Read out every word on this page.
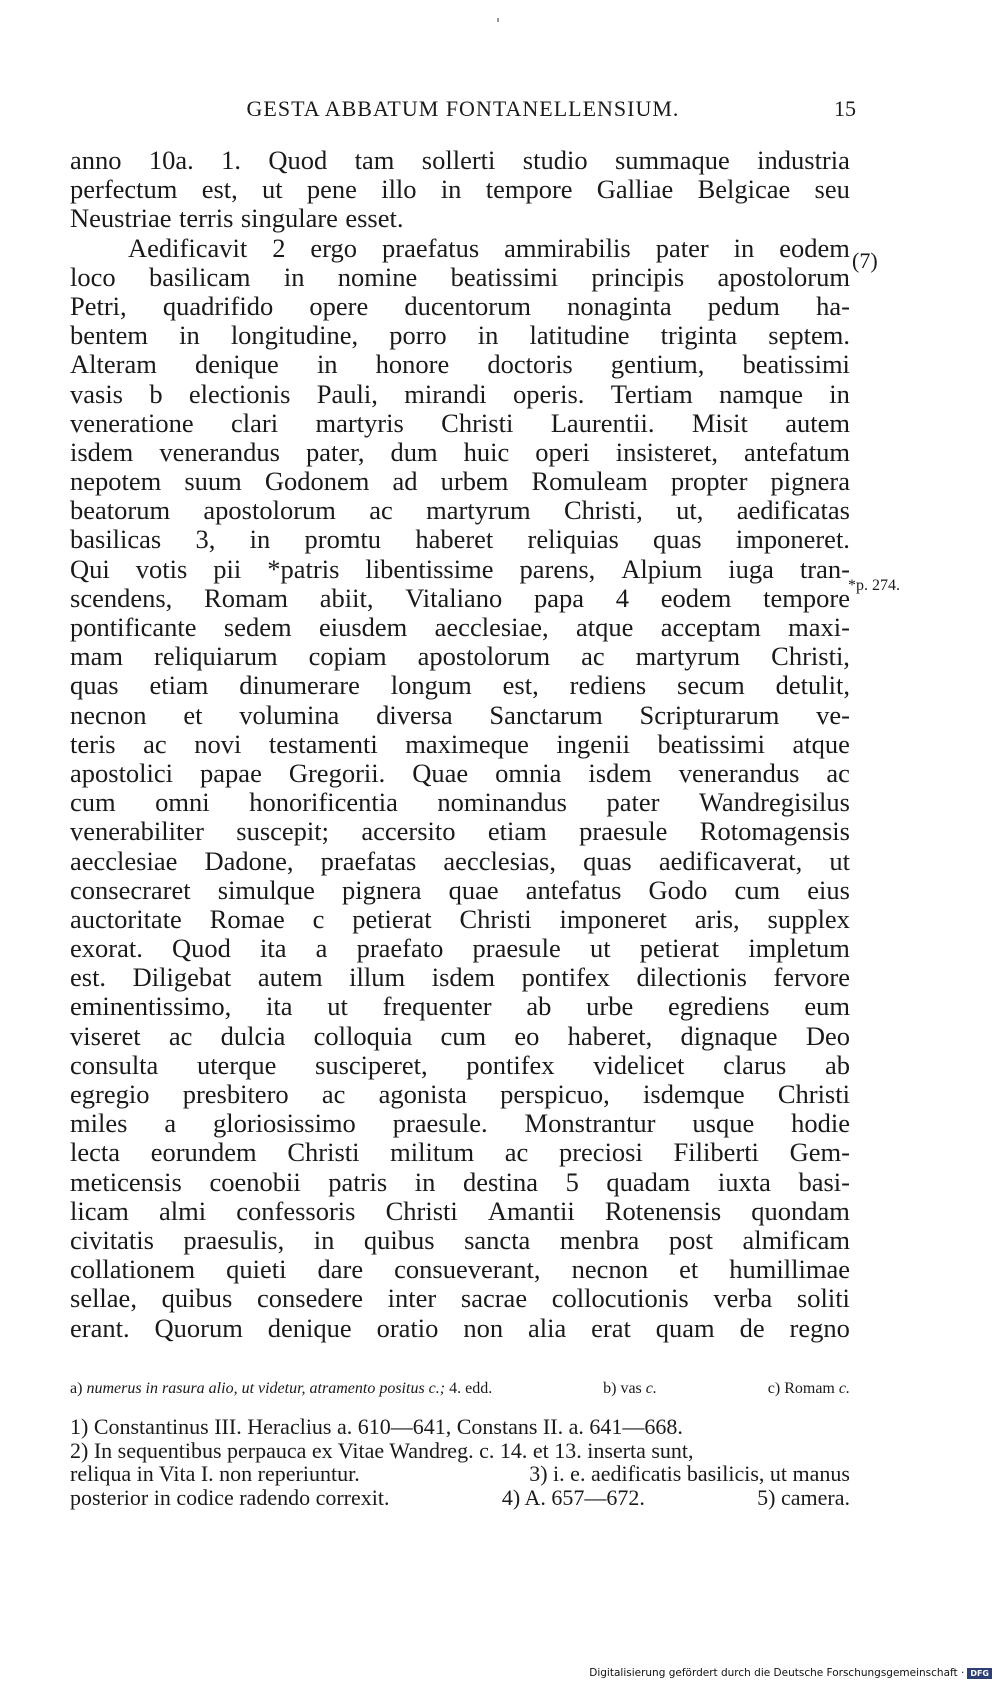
GESTA ABBATUM FONTANELLENSIUM.	15
anno 10a. 1. Quod tam sollerti studio summaque industria
perfectum est, ut pene illo in tempore Galliae Belgicae seu
Neustriae terris singulare esset.
Aedificavit 2 ergo praefatus ammirabilis pater in eodem
loco basilicam in nomine beatissimi principis apostolorum
Petri, quadrifido opere ducentorum nonaginta pedum ha-
bentem in longitudine, porro in latitudine triginta septem.
Alteram denique in honore doctoris gentium, beatissimi
vasis b electionis Pauli, mirandi operis. Tertiam namque in
veneratione clari martyris Christi Laurentii. Misit autem
isdem venerandus pater, dum huic operi insisteret, antefatum
nepotem suum Godonem ad urbem Romuleam propter pignera
beatorum apostolorum ac martyrum Christi, ut, aedificatas
basilicas 3, in promtu haberet reliquias quas imponeret.
Qui votis pii *patris libentissime parens, Alpium iuga tran-
scendens, Romam abiit, Vitaliano papa 4 eodem tempore
pontificante sedem eiusdem aecclesiae, atque acceptam maxi-
mam reliquiarum copiam apostolorum ac martyrum Christi,
quas etiam dinumerare longum est, rediens secum detulit,
necnon et volumina diversa Sanctarum Scripturarum ve-
teris ac novi testamenti maximeque ingenii beatissimi atque
apostolici papae Gregorii. Quae omnia isdem venerandus ac
cum omni honorificentia nominandus pater Wandregisilus
venerabiliter suscepit; accersito etiam praesule Rotomagensis
aecclesiae Dadone, praefatas aecclesias, quas aedificaverat, ut
consecraret simulque pignera quae antefatus Godo cum eius
auctoritate Romae c petierat Christi imponeret aris, supplex
exorat. Quod ita a praefato praesule ut petierat impletum
est. Diligebat autem illum isdem pontifex dilectionis fervore
eminentissimo, ita ut frequenter ab urbe egrediens eum
viseret ac dulcia colloquia cum eo haberet, dignaque Deo
consulta uterque susciperet, pontifex videlicet clarus ab
egregio presbitero ac agonista perspicuo, isdemque Christi
miles a gloriosissimo praesule. Monstrantur usque hodie
lecta eorundem Christi militum ac preciosi Filiberti Gem-
meticensis coenobii patris in destina 5 quadam iuxta basi-
licam almi confessoris Christi Amantii Rotenensis quondam
civitatis praesulis, in quibus sancta menbra post almificam
collationem quieti dare consueverant, necnon et humillimae
sellae, quibus consedere inter sacrae collocutionis verba soliti
erant. Quorum denique oratio non alia erat quam de regno
(7)
*p. 274.
a) numerus in rasura alio, ut videtur, atramento positus c.; 4. edd.	b) vas c.	c) Romam c.
1) Constantinus III. Heraclius a. 610—641, Constans II. a. 641—668.
2) In sequentibus perpauca ex Vitae Wandreg. c. 14. et 13. inserta sunt,
reliqua in Vita I. non reperiuntur.	3) i. e. aedificatis basilicis, ut manus
posterior in codice radendo correxit.	4) A. 657—672.	5) camera.
Digitalisierung gefördert durch die Deutsche Forschungsgemeinschaft · DFG
